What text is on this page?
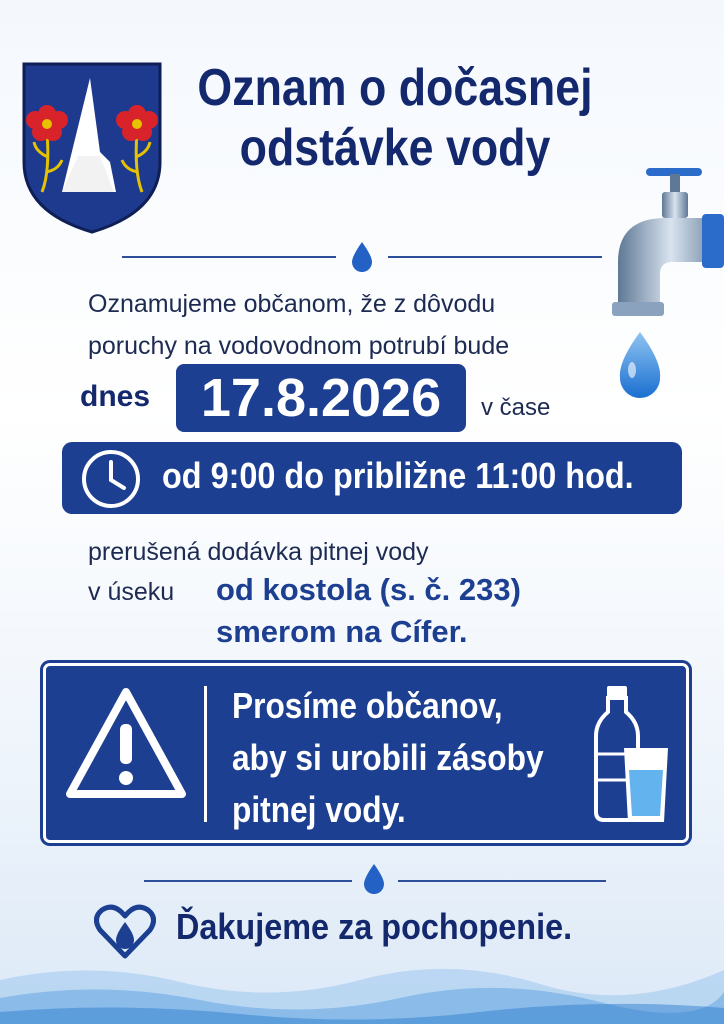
Oznam o dočasnej
odstávke vody
Oznamujeme občanom, že z dôvodu
poruchy na vodovodnom potrubí bude
dnes 17.8.2026	v čase
od 9:00 do približne 11:00 hod.
prerušená dodávka pitnej vody
v úseku od kostola (s. č. 233)
smerom na Cífer.
Prosíme občanov,
aby si urobili zásoby
pitnej vody.
Ďakujeme za pochopenie.
